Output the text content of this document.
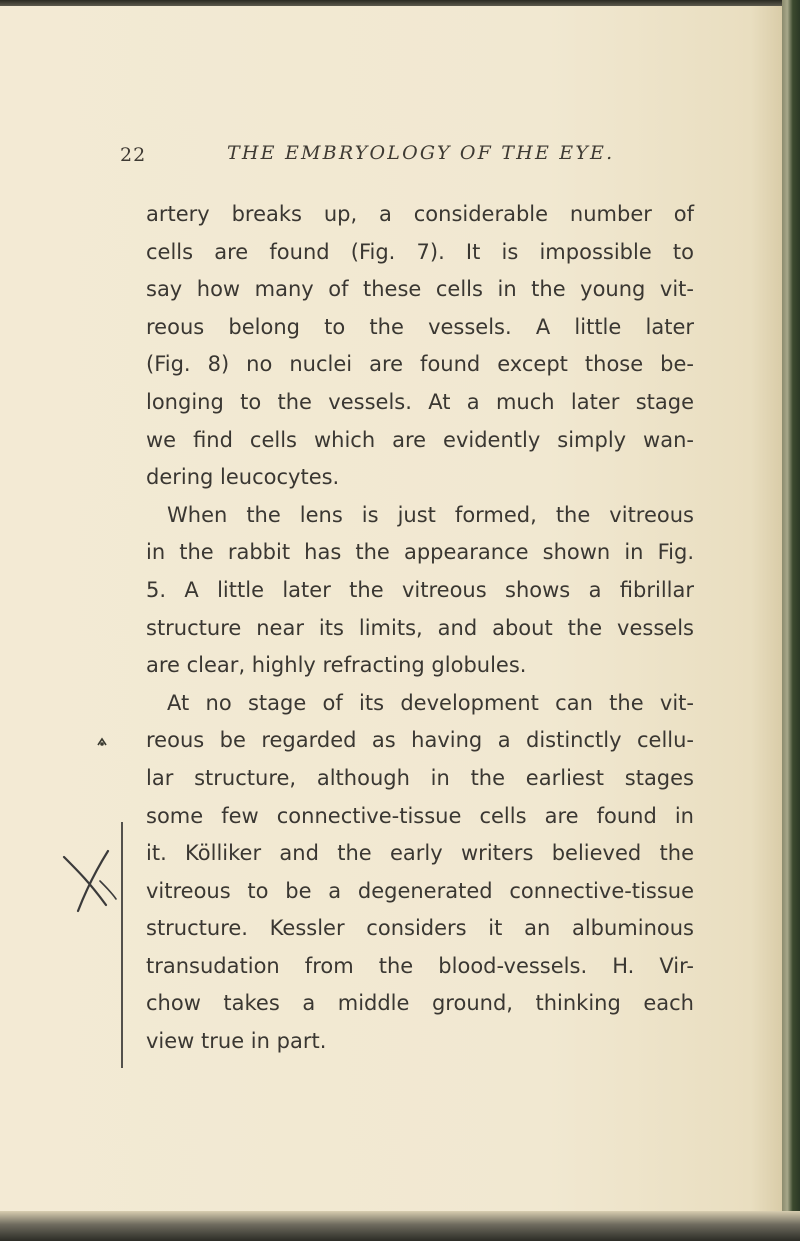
22	THE EMBRYOLOGY OF THE EYE.
artery breaks up, a considerable number of
cells are found (Fig. 7). It is impossible to
say how many of these cells in the young vit-
reous belong to the vessels. A little later
(Fig. 8) no nuclei are found except those be-
longing to the vessels. At a much later stage
we find cells which are evidently simply wan-
dering leucocytes.
When the lens is just formed, the vitreous
in the rabbit has the appearance shown in Fig.
5. A little later the vitreous shows a fibrillar
structure near its limits, and about the vessels
are clear, highly refracting globules.
At no stage of its development can the vit-
reous be regarded as having a distinctly cellu-
lar structure, although in the earliest stages
some few connective-tissue cells are found in
it. Kölliker and the early writers believed the
vitreous to be a degenerated connective-tissue
structure. Kessler considers it an albuminous
transudation from the blood-vessels. H. Vir-
chow takes a middle ground, thinking each
view true in part.
